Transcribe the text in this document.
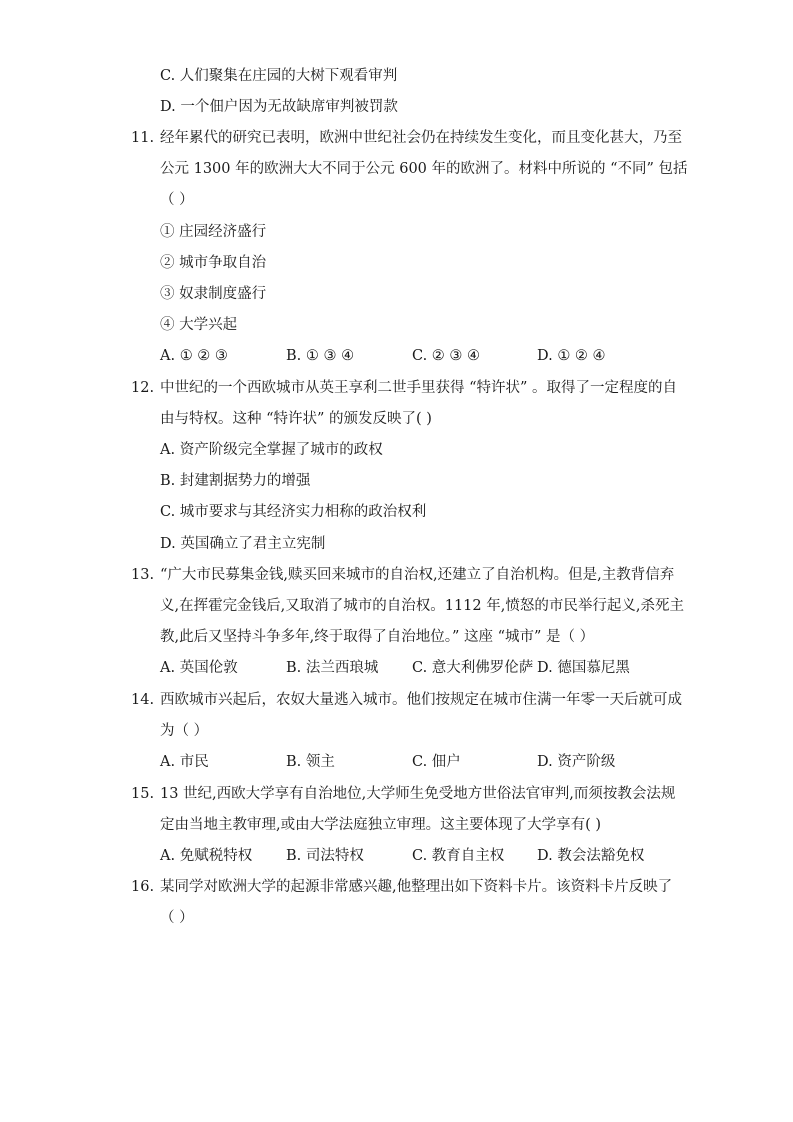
C. 人们聚集在庄园的大树下观看审判
D. 一个佃户因为无故缺席审判被罚款
11. 经年累代的研究已表明，欧洲中世纪社会仍在持续发生变化，而且变化甚大，乃至
公元 1300 年的欧洲大大不同于公元 600 年的欧洲了。材料中所说的 “不同” 包括
（ ）
① 庄园经济盛行
② 城市争取自治
③ 奴隶制度盛行
④ 大学兴起
A. ① ② ③	B. ① ③ ④	C. ② ③ ④	D. ① ② ④
12. 中世纪的一个西欧城市从英王享利二世手里获得 “特许状” 。取得了一定程度的自
由与特权。这种 “特许状” 的颁发反映了( )
A. 资产阶级完全掌握了城市的政权
B. 封建割据势力的增强
C. 城市要求与其经济实力相称的政治权利
D. 英国确立了君主立宪制
13. “广大市民募集金钱,赎买回来城市的自治权,还建立了自治机构。但是,主教背信弃
义,在挥霍完金钱后,又取消了城市的自治权。1112 年,愤怒的市民举行起义,杀死主
教,此后又坚持斗争多年,终于取得了自治地位。” 这座 “城市” 是（ ）
A. 英国伦敦	B. 法兰西琅城 C. 意大利佛罗伦萨 D. 德国慕尼黑
14. 西欧城市兴起后，农奴大量逃入城市。他们按规定在城市住满一年零一天后就可成
为（ ）
A. 市民	B. 领主	C. 佃户	D. 资产阶级
15. 13 世纪,西欧大学享有自治地位,大学师生免受地方世俗法官审判,而须按教会法规
定由当地主教审理,或由大学法庭独立审理。这主要体现了大学享有( )
A. 免赋税特权 B. 司法特权	C. 教育自主权 D. 教会法豁免权
16. 某同学对欧洲大学的起源非常感兴趣,他整理出如下资料卡片。该资料卡片反映了
（ ）
